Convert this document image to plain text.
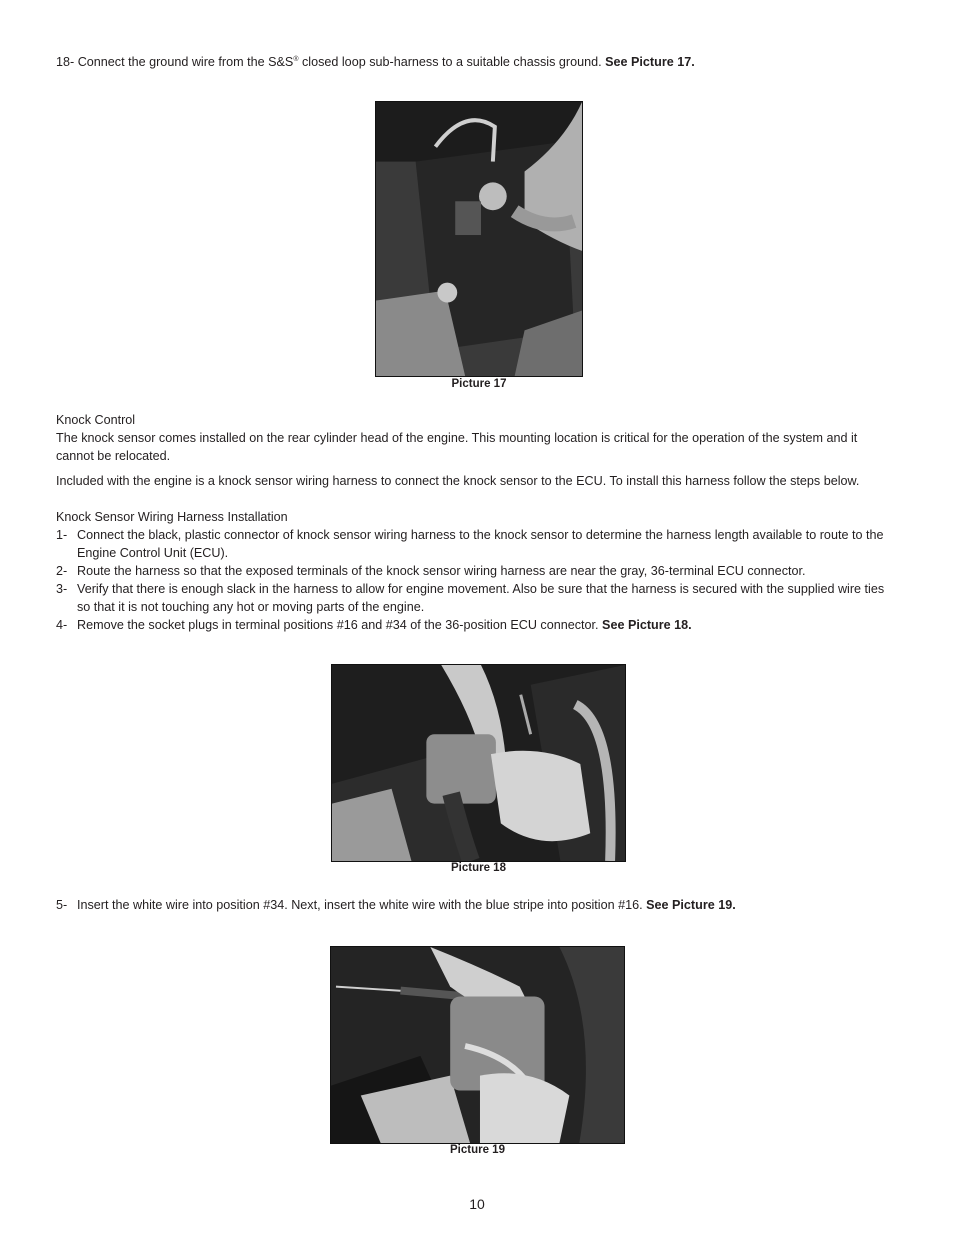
18- Connect the ground wire from the S&S® closed loop sub-harness to a suitable chassis ground. See Picture 17.
Picture 17
Knock Control
The knock sensor comes installed on the rear cylinder head of the engine. This mounting location is critical for the operation of the system and it cannot be relocated.
Included with the engine is a knock sensor wiring harness to connect the knock sensor to the ECU. To install this harness follow the steps below.
Knock Sensor Wiring Harness Installation
1- Connect the black, plastic connector of knock sensor wiring harness to the knock sensor to determine the harness length available to route to the Engine Control Unit (ECU).
2- Route the harness so that the exposed terminals of the knock sensor wiring harness are near the gray, 36-terminal ECU connector.
3- Verify that there is enough slack in the harness to allow for engine movement. Also be sure that the harness is secured with the supplied wire ties so that it is not touching any hot or moving parts of the engine.
4- Remove the socket plugs in terminal positions #16 and #34 of the 36-position ECU connector. See Picture 18.
Picture 18
5- Insert the white wire into position #34. Next, insert the white wire with the blue stripe into position #16. See Picture 19.
Picture 19
10
